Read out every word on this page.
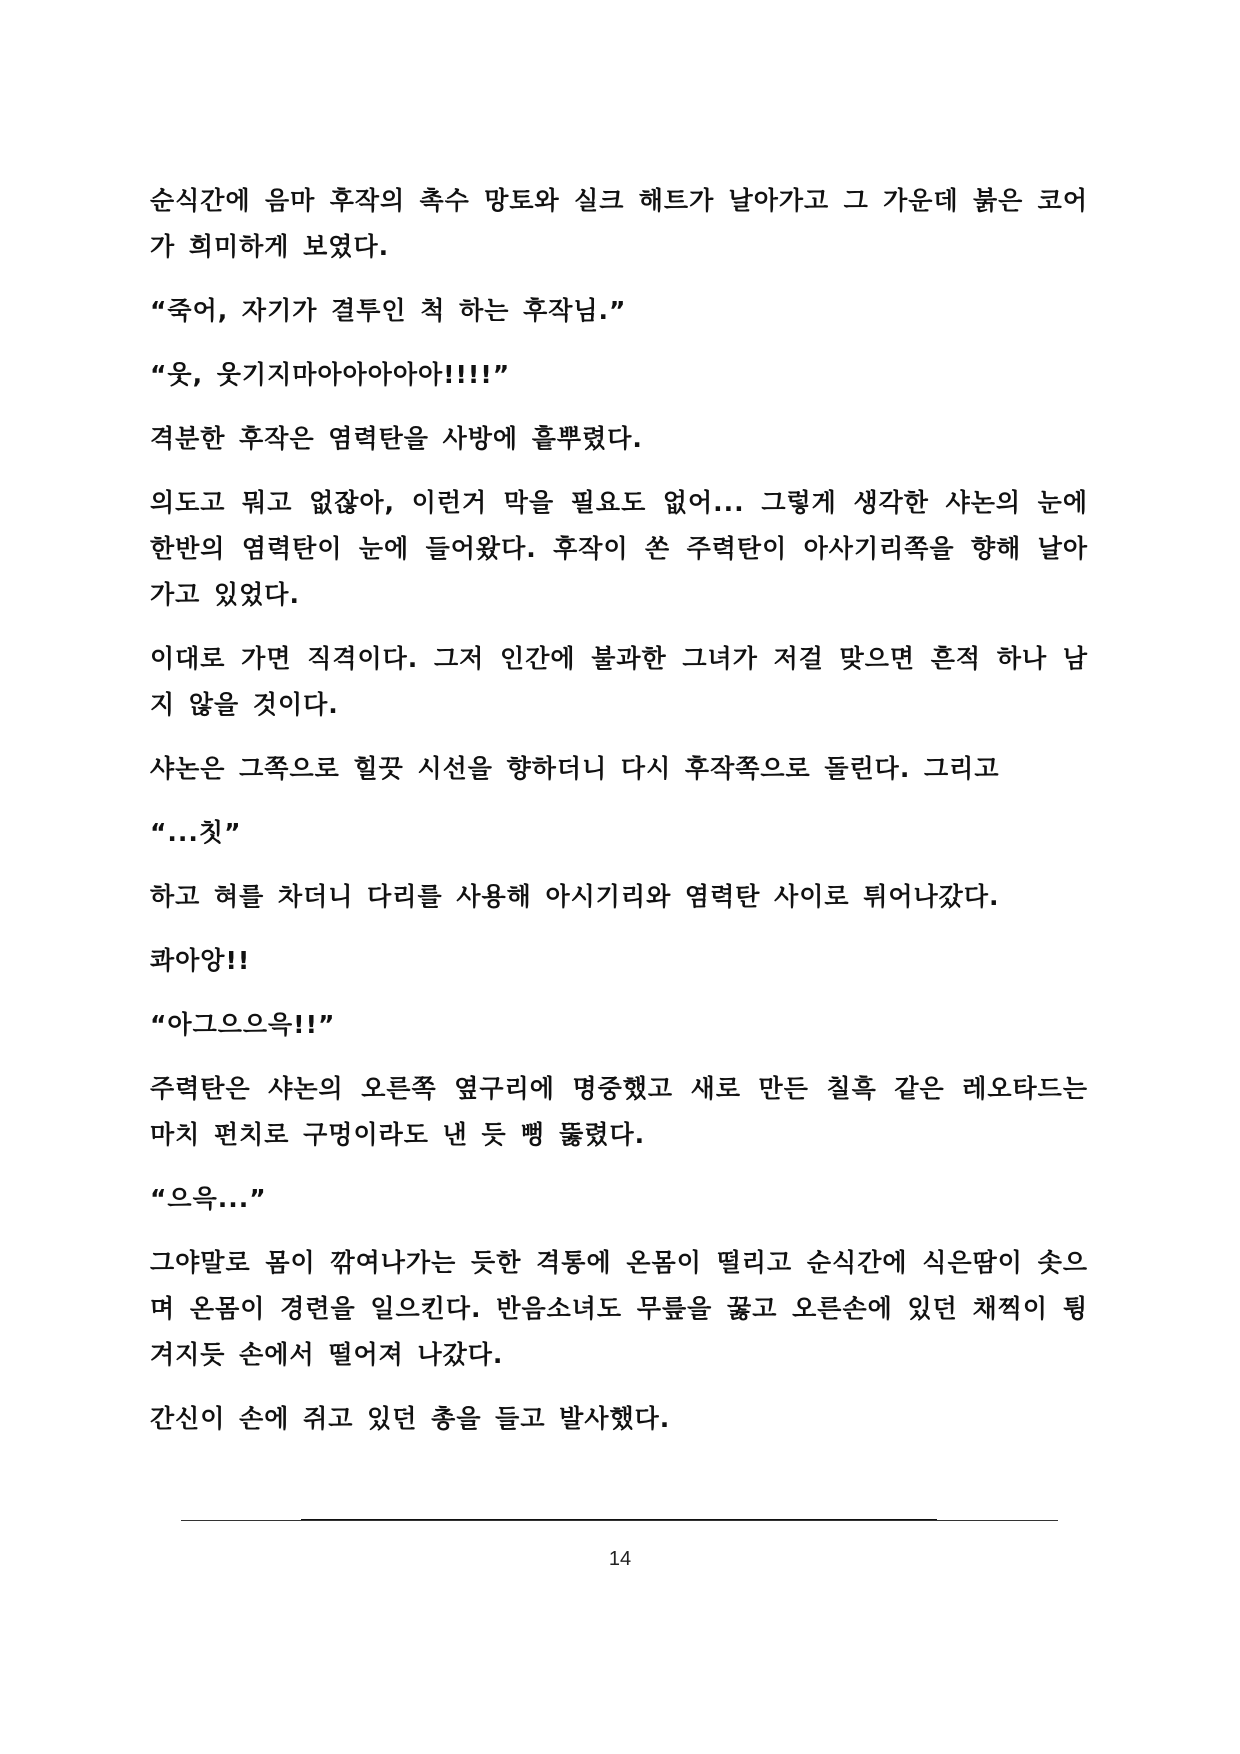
순식간에 음마 후작의 촉수 망토와 실크 해트가 날아가고 그 가운데 붉은 코어가 희미하게 보였다.

“죽어, 자기가 결투인 척 하는 후작님.”

“웃, 웃기지마아아아아아!!!!”

격분한 후작은 염력탄을 사방에 흩뿌렸다.

의도고 뭐고 없잖아, 이런거 막을 필요도 없어... 그렇게 생각한 샤논의 눈에 한반의 염력탄이 눈에 들어왔다. 후작이 쏜 주력탄이 아사기리쪽을 향해 날아가고 있었다.

이대로 가면 직격이다. 그저 인간에 불과한 그녀가 저걸 맞으면 흔적 하나 남지 않을 것이다.

샤논은 그쪽으로 힐끗 시선을 향하더니 다시 후작쪽으로 돌린다. 그리고

“...칫”

하고 혀를 차더니 다리를 사용해 아시기리와 염력탄 사이로 튀어나갔다.

콰아앙!!

“아그으으윽!!”

주력탄은 샤논의 오른쪽 옆구리에 명중했고 새로 만든 칠흑 같은 레오타드는 마치 펀치로 구멍이라도 낸 듯 뻥 뚫렸다.

“으윽...”

그야말로 몸이 깎여나가는 듯한 격통에 온몸이 떨리고 순식간에 식은땀이 솟으며 온몸이 경련을 일으킨다. 반음소녀도 무릎을 꿇고 오른손에 있던 채찍이 튕겨지듯 손에서 떨어져 나갔다.

간신이 손에 쥐고 있던 총을 들고 발사했다.

14
